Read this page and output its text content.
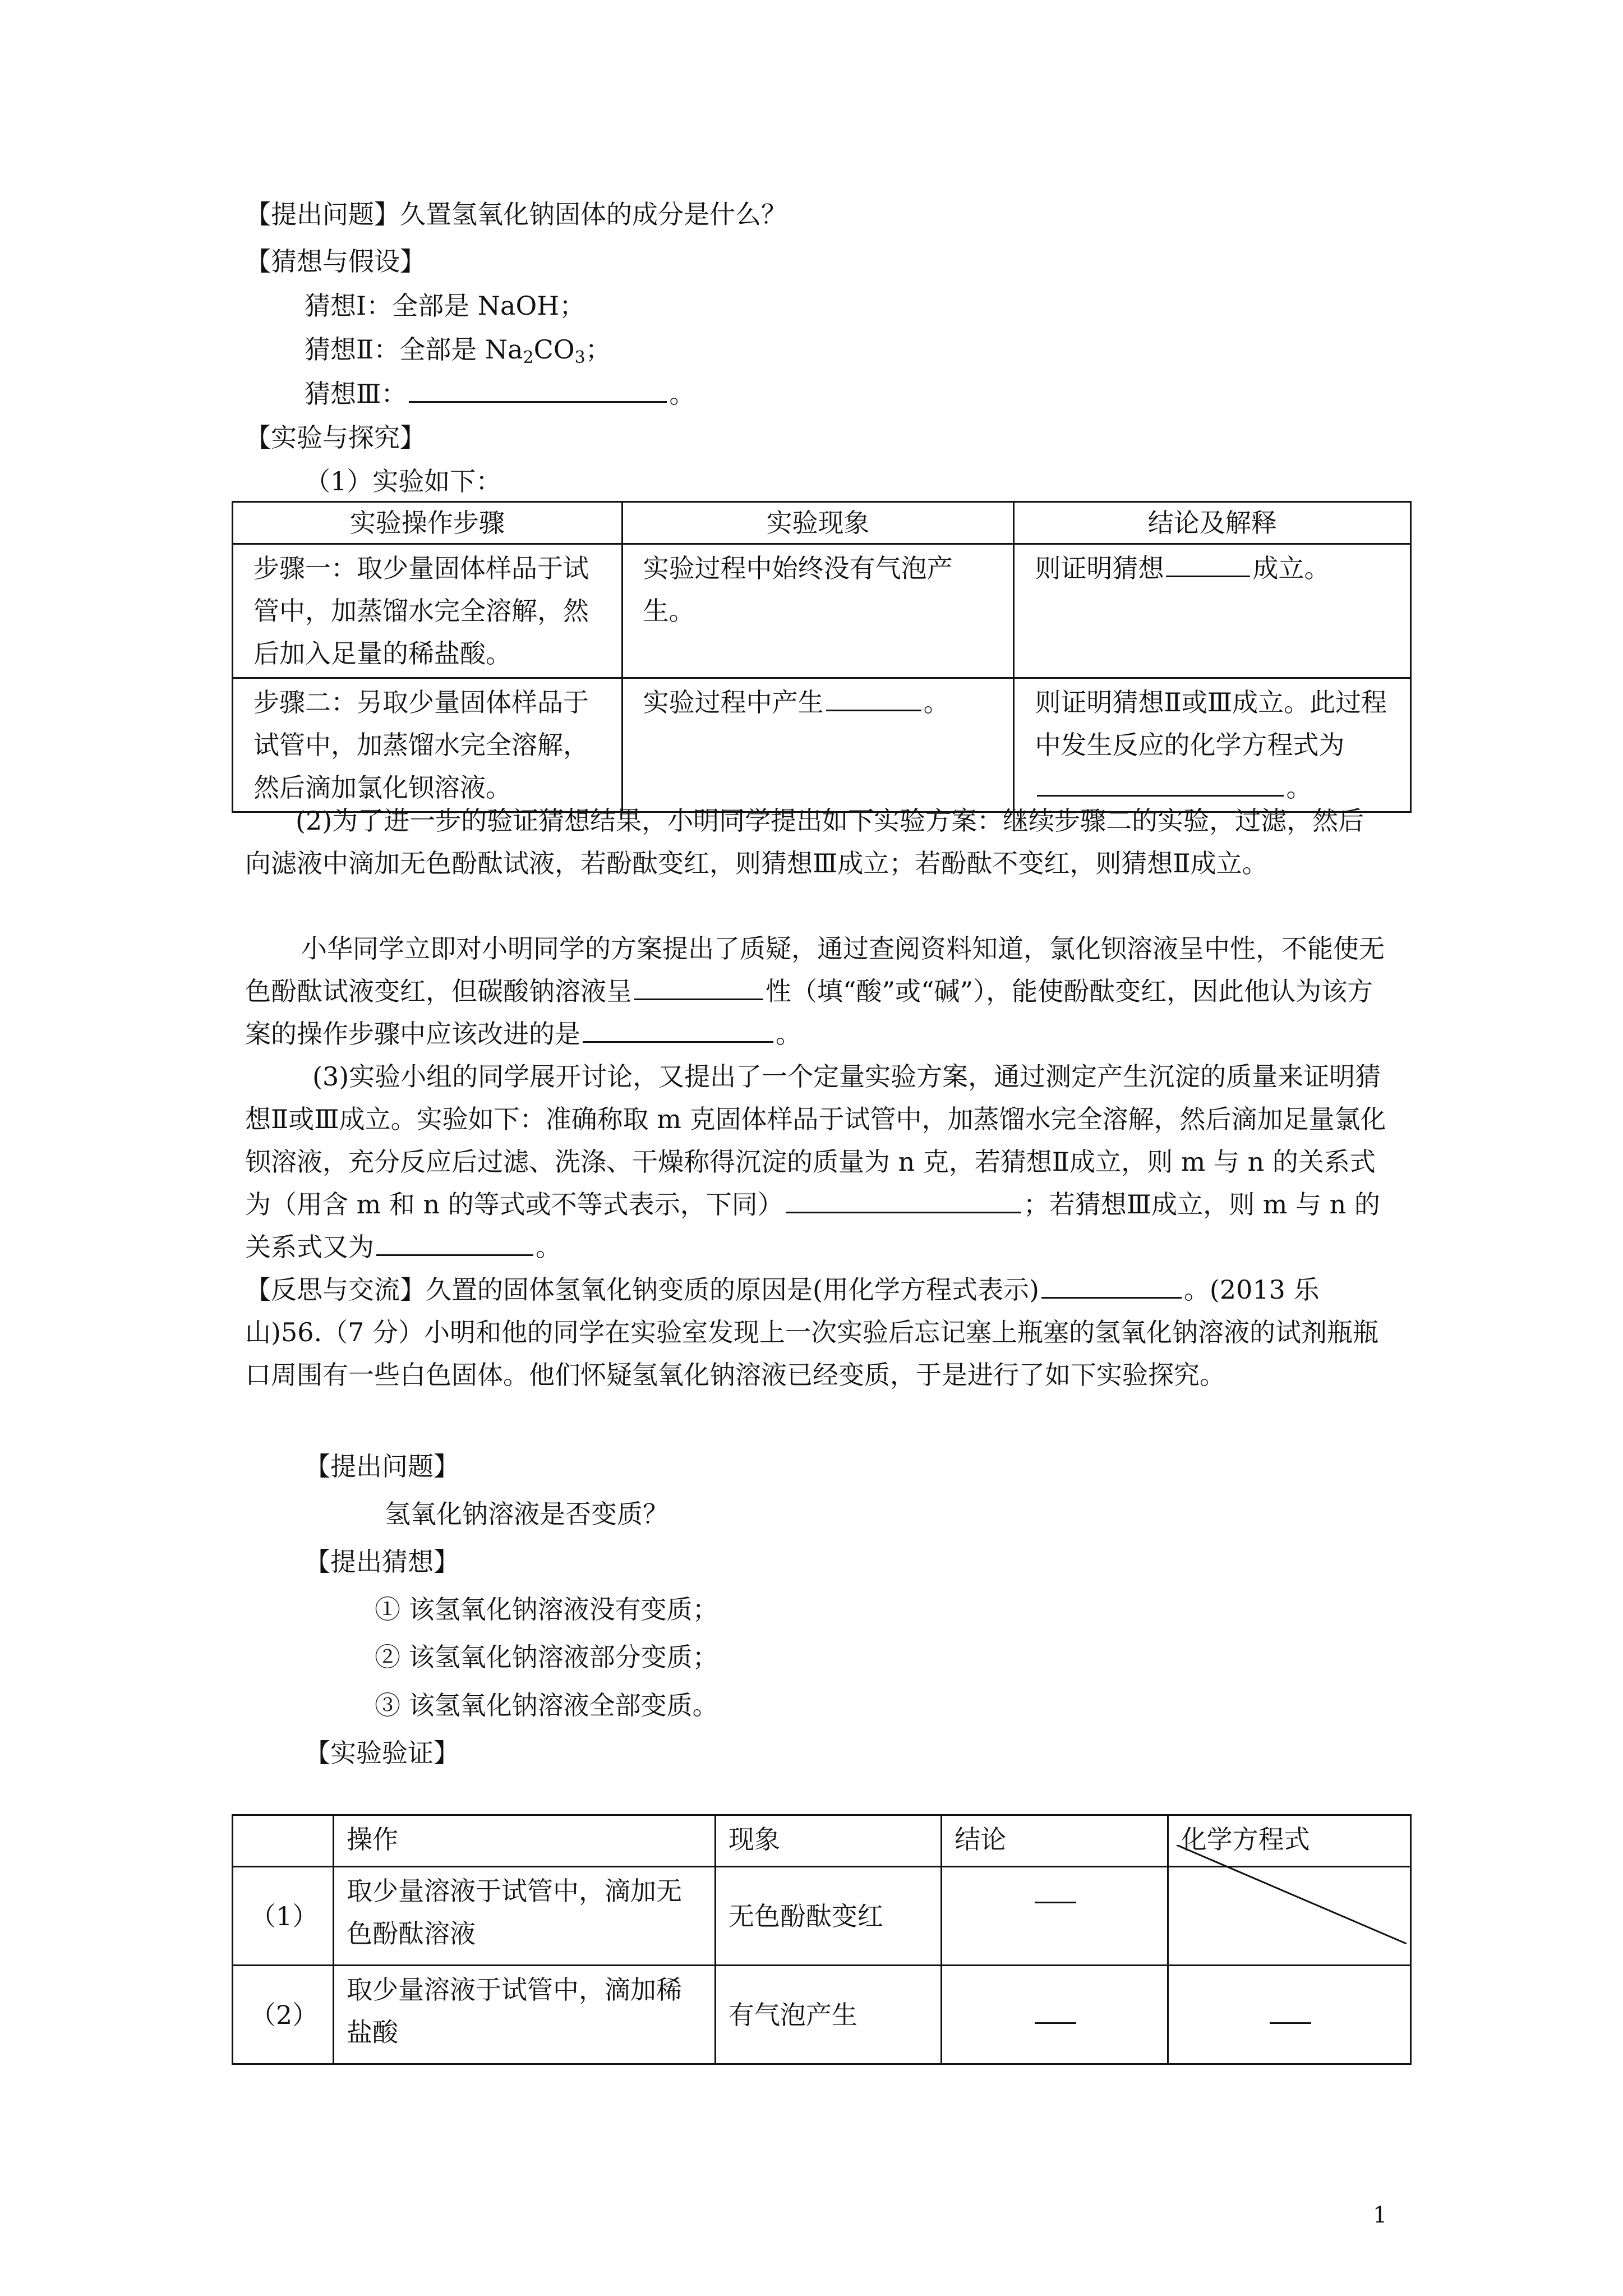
【提出问题】久置氢氧化钠固体的成分是什么？
【猜想与假设】
猜想Ⅰ：全部是 NaOH；
猜想Ⅱ：全部是 $Na_2CO_3$；
猜想Ⅲ：	。
【实验与探究】
（1）实验如下：
实验操作步骤	实验现象	结论及解释
步骤一：取少量固体样品于试管中，加蒸馏水完全溶解，然后加入足量的稀盐酸。	实验过程中始终没有气泡产生。	则证明猜想 成立。
步骤二：另取少量固体样品于试管中，加蒸馏水完全溶解，然后滴加氯化钡溶液。	实验过程中产生 。	则证明猜想Ⅱ或Ⅲ成立。此过程中发生反应的化学方程式为。
(2)为了进一步的验证猜想结果，小明同学提出如下实验方案：继续步骤二的实验，过滤，然后向滤液中滴加无色酚酞试液，若酚酞变红，则猜想Ⅲ成立；若酚酞不变红，则猜想Ⅱ成立。
小华同学立即对小明同学的方案提出了质疑，通过查阅资料知道，氯化钡溶液呈中性，不能使无色酚酞试液变红，但碳酸钠溶液呈	性（填“酸”或“碱”），能使酚酞变红，因此他认为该方案的操作步骤中应该改进的是	。
(3)实验小组的同学展开讨论，又提出了一个定量实验方案，通过测定产生沉淀的质量来证明猜想Ⅱ或Ⅲ成立。实验如下：准确称取 m 克固体样品于试管中，加蒸馏水完全溶解，然后滴加足量氯化钡溶液，充分反应后过滤、洗涤、干燥称得沉淀的质量为 n 克，若猜想Ⅱ成立，则 m 与 n 的关系式为（用含 m 和 n 的等式或不等式表示，下同）	；若猜想Ⅲ成立，则 m 与 n 的关系式又为	。
【反思与交流】久置的固体氢氧化钠变质的原因是(用化学方程式表示)	。(2013 乐山)56.（7 分）小明和他的同学在实验室发现上一次实验后忘记塞上瓶塞的氢氧化钠溶液的试剂瓶瓶口周围有一些白色固体。他们怀疑氢氧化钠溶液已经变质，于是进行了如下实验探究。
【提出问题】
氢氧化钠溶液是否变质？
【提出猜想】
① 该氢氧化钠溶液没有变质；
② 该氢氧化钠溶液部分变质；
③ 该氢氧化钠溶液全部变质。
【实验验证】
	操作	现象	结论	化学方程式
（1）	取少量溶液于试管中，滴加无色酚酞溶液	无色酚酞变红		

（2）	取少量溶液于试管中，滴加稀盐酸	有气泡产生		
1
